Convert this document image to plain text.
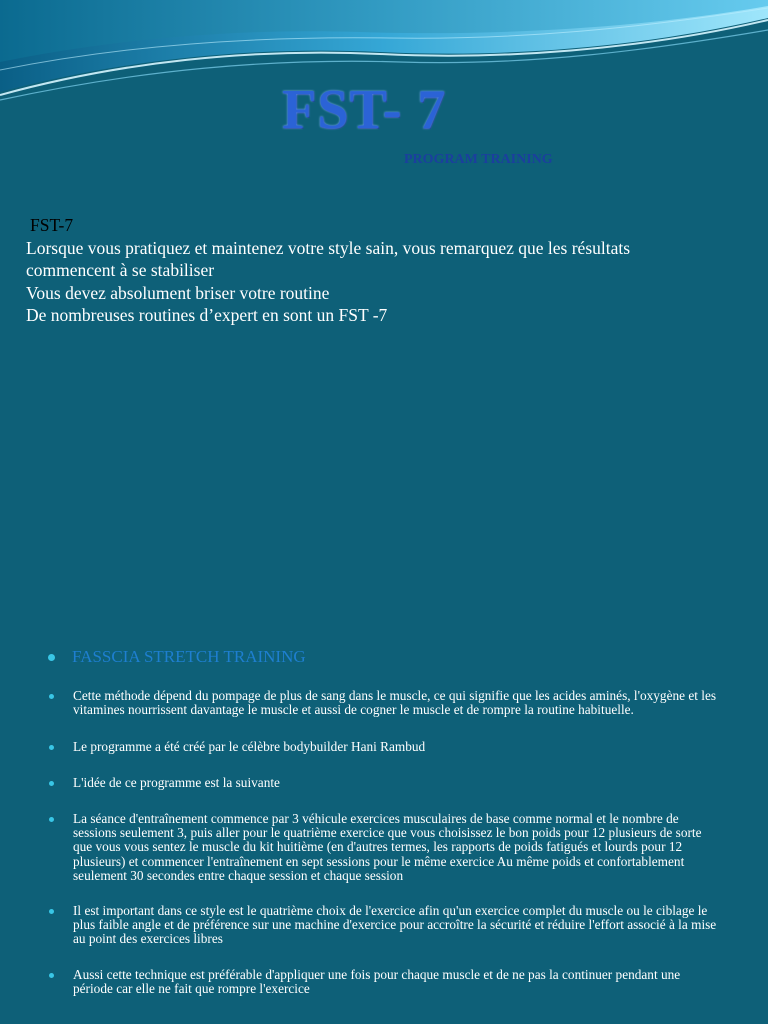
FST- 7
PROGRAM TRAINING
FST-7
Lorsque vous pratiquez et maintenez votre style sain, vous remarquez que les résultats
commencent à se stabiliser
Vous devez absolument briser votre routine
De nombreuses routines d’expert en sont un FST -7
FASSCIA STRETCH TRAINING
Cette méthode dépend du pompage de plus de sang dans le muscle, ce qui signifie que les acides aminés, l'oxygène et les vitamines nourrissent davantage le muscle et aussi de cogner le muscle et de rompre la routine habituelle.
Le programme a été créé par le célèbre bodybuilder Hani Rambud
L'idée de ce programme est la suivante
La séance d'entraînement commence par 3 véhicule exercices musculaires de base comme normal et le nombre de sessions seulement 3, puis aller pour le quatrième exercice que vous choisissez le bon poids pour 12 plusieurs de sorte que vous vous sentez le muscle du kit huitième (en d'autres termes, les rapports de poids fatigués et lourds pour 12 plusieurs) et commencer l'entraînement en sept sessions pour le même exercice Au même poids et confortablement seulement 30 secondes entre chaque session et chaque session
Il est important dans ce style est le quatrième choix de l'exercice afin qu'un exercice complet du muscle ou le ciblage le plus faible angle et de préférence sur une machine d'exercice pour accroître la sécurité et réduire l'effort associé à la mise au point des exercices libres
Aussi cette technique est préférable d'appliquer une fois pour chaque muscle et de ne pas la continuer pendant une période car elle ne fait que rompre l'exercice
